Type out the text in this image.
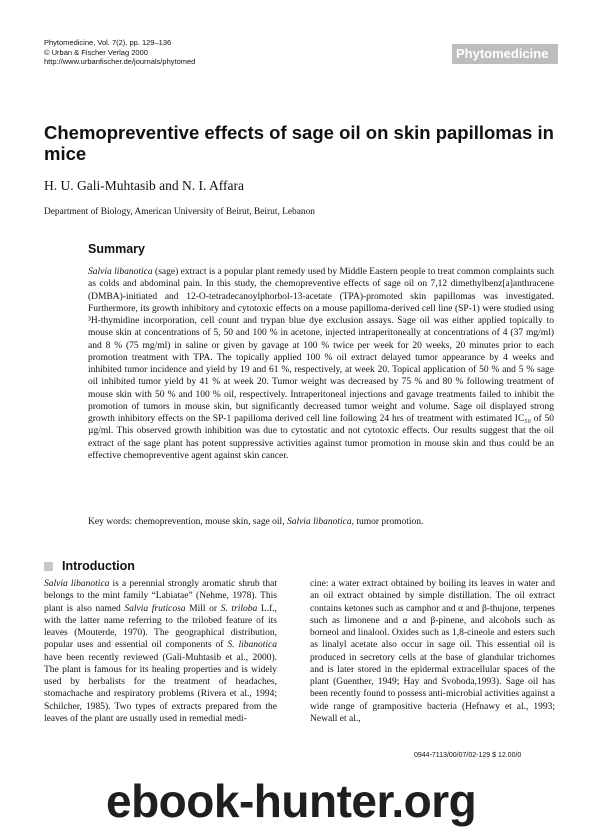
Phytomedicine, Vol. 7(2), pp. 129–136
© Urban & Fischer Verlag 2000
http://www.urbanfischer.de/journals/phytomed
Phytomedicine
Chemopreventive effects of sage oil on skin papillomas in mice
H. U. Gali-Muhtasib and N. I. Affara
Department of Biology, American University of Beirut, Beirut, Lebanon
Summary

Salvia libanotica (sage) extract is a popular plant remedy used by Middle Eastern people to treat common complaints such as colds and abdominal pain. In this study, the chemopreventive effects of sage oil on 7,12 dimethylbenz[a]anthracene (DMBA)-initiated and 12-O-tetradecanoylphorbol-13-acetate (TPA)-promoted skin papillomas was investigated. Furthermore, its growth inhibitory and cytotoxic effects on a mouse papilloma-derived cell line (SP-1) were studied using ³H-thymidine incorporation, cell count and trypan blue dye exclusion assays. Sage oil was either applied topically to mouse skin at concentrations of 5, 50 and 100 % in acetone, injected intraperitoneally at concentrations of 4 (37 mg/ml) and 8 % (75 mg/ml) in saline or given by gavage at 100 % twice per week for 20 weeks, 20 minutes prior to each promotion treatment with TPA. The topically applied 100 % oil extract delayed tumor appearance by 4 weeks and inhibited tumor incidence and yield by 19 and 61 %, respectively, at week 20. Topical application of 50 % and 5 % sage oil inhibited tumor yield by 41 % at week 20. Tumor weight was decreased by 75 % and 80 % following treatment of mouse skin with 50 % and 100 % oil, respectively. Intraperitoneal injections and gavage treatments failed to inhibit the promotion of tumors in mouse skin, but significantly decreased tumor weight and volume. Sage oil displayed strong growth inhibitory effects on the SP-1 papilloma derived cell line following 24 hrs of treatment with estimated IC₅₀ of 50 µg/ml. This observed growth inhibition was due to cytostatic and not cytotoxic effects. Our results suggest that the oil extract of the sage plant has potent suppressive activities against tumor promotion in mouse skin and thus could be an effective chemopreventive agent against skin cancer.

Key words: chemoprevention, mouse skin, sage oil, Salvia libanotica, tumor promotion.
Introduction

Salvia libanotica is a perennial strongly aromatic shrub that belongs to the mint family “Labiatae” (Nehme, 1978). This plant is also named Salvia fruticosa Mill or S. triloba L.f., with the latter name referring to the trilobed feature of its leaves (Mouterde, 1970). The geographical distribution, popular uses and essential oil components of S. libanotica have been recently reviewed (Gali-Muhtasib et al., 2000). The plant is famous for its healing properties and is widely used by herbalists for the treatment of headaches, stomachache and respiratory problems (Rivera et al., 1994; Schilcher, 1985). Two types of extracts prepared from the leaves of the plant are usually used in remedial medi-

cine: a water extract obtained by boiling its leaves in water and an oil extract obtained by simple distillation. The oil extract contains ketones such as camphor and α and β-thujone, terpenes such as limonene and α and β-pinene, and alcohols such as borneol and linalool. Oxides such as 1,8-cineole and esters such as linalyl acetate also occur in sage oil. This essential oil is produced in secretory cells at the base of glandular trichomes and is later stored in the epidermal extracellular spaces of the plant (Guenther, 1949; Hay and Svoboda,1993). Sage oil has been recently found to possess anti-microbial activities against a wide range of grampositive bacteria (Hefnawy et al., 1993; Newall et al.,

0944-7113/00/07/02-129 $ 12.00/0
ebook-hunter.org
